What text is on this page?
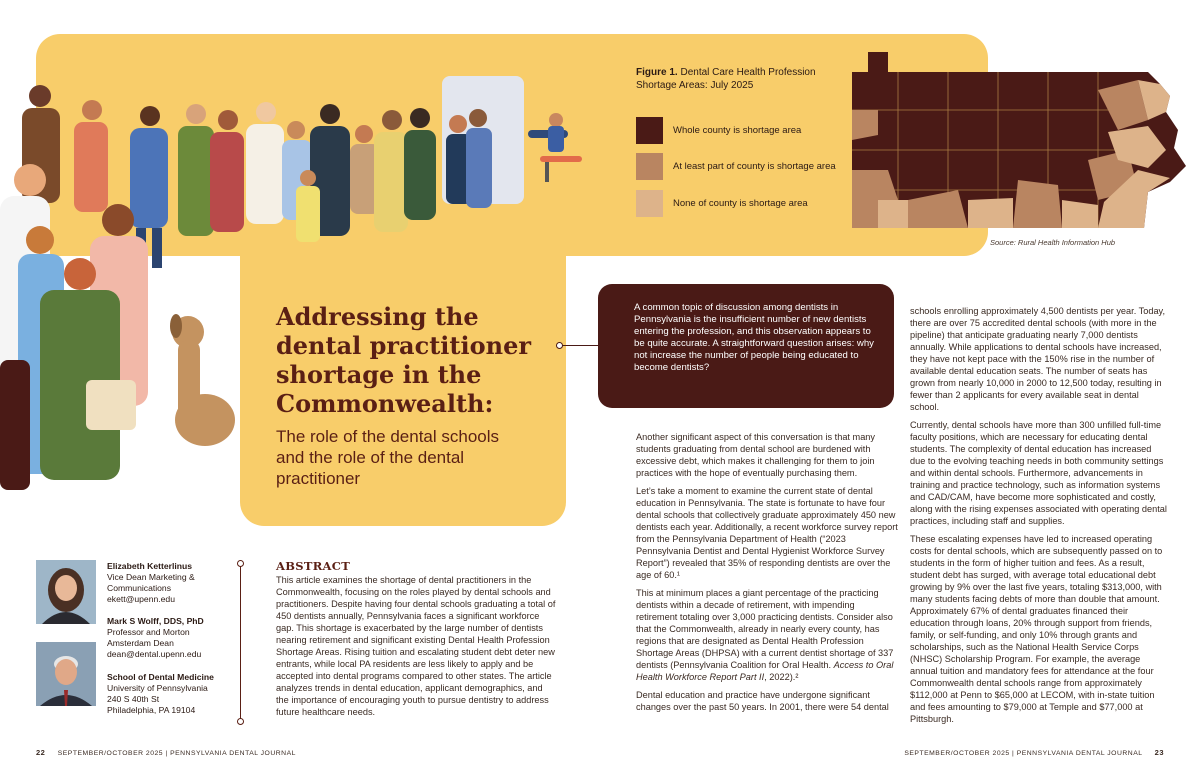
Figure 1. Dental Care Health Profession Shortage Areas: July 2025
Whole county is shortage area
At least part of county is shortage area
None of county is shortage area
Source: Rural Health Information Hub
Addressing the dental practitioner shortage in the Commonwealth:
The role of the dental schools and the role of the dental practitioner
A common topic of discussion among dentists in Pennsylvania is the insufficient number of new dentists entering the profession, and this observation appears to be quite accurate. A straightforward question arises: why not increase the number of people being educated to become dentists?

Another significant aspect of this conversation is that many students graduating from dental school are burdened with excessive debt, which makes it challenging for them to join practices with the hope of eventually purchasing them.

Let’s take a moment to examine the current state of dental education in Pennsylvania. The state is fortunate to have four dental schools that collectively graduate approximately 450 new dentists each year. Additionally, a recent workforce survey report from the Pennsylvania Department of Health (“2023 Pennsylvania Dentist and Dental Hygienist Workforce Survey Report”) revealed that 35% of responding dentists are over the age of 60.¹

This at minimum places a giant percentage of the practicing dentists within a decade of retirement, with impending retirement totaling over 3,000 practicing dentists. Consider also that the Commonwealth, already in nearly every county, has regions that are designated as Dental Health Profession Shortage Areas (DHPSA) with a current dentist shortage of 337 dentists (Pennsylvania Coalition for Oral Health. Access to Oral Health Workforce Report Part II, 2022).²

Dental education and practice have undergone significant changes over the past 50 years. In 2001, there were 54 dental

schools enrolling approximately 4,500 dentists per year. Today, there are over 75 accredited dental schools (with more in the pipeline) that anticipate graduating nearly 7,000 dentists annually. While applications to dental schools have increased, they have not kept pace with the 150% rise in the number of available dental education seats. The number of seats has grown from nearly 10,000 in 2000 to 12,500 today, resulting in fewer than 2 applicants for every available seat in dental school.

Currently, dental schools have more than 300 unfilled full-time faculty positions, which are necessary for educating dental students. The complexity of dental education has increased due to the evolving teaching needs in both community settings and within dental schools. Furthermore, advancements in training and practice technology, such as information systems and CAD/CAM, have become more sophisticated and costly, along with the rising expenses associated with operating dental practices, including staff and supplies.

These escalating expenses have led to increased operating costs for dental schools, which are subsequently passed on to students in the form of higher tuition and fees. As a result, student debt has surged, with average total educational debt growing by 9% over the last five years, totaling $313,000, with many students facing debts of more than double that amount. Approximately 67% of dental graduates financed their education through loans, 20% through support from friends, family, or self-funding, and only 10% through grants and scholarships, such as the National Health Service Corps (NHSC) Scholarship Program. For example, the average annual tuition and mandatory fees for attendance at the four Commonwealth dental schools range from approximately $112,000 at Penn to $65,000 at LECOM, with in-state tuition and fees amounting to $79,000 at Temple and $77,000 at Pittsburgh.

Elizabeth Ketterlinus
Vice Dean Marketing & Communications
ekett@upenn.edu
Mark S Wolff, DDS, PhD
Professor and Morton Amsterdam Dean
dean@dental.upenn.edu
School of Dental Medicine
University of Pennsylvania
240 S 40th St
Philadelphia, PA 19104
ABSTRACT
This article examines the shortage of dental practitioners in the Commonwealth, focusing on the roles played by dental schools and practitioners. Despite having four dental schools graduating a total of 450 dentists annually, Pennsylvania faces a significant workforce gap. This shortage is exacerbated by the large number of dentists nearing retirement and significant existing Dental Health Profession Shortage Areas. Rising tuition and escalating student debt deter new entrants, while local PA residents are less likely to apply and be accepted into dental programs compared to other states. The article analyzes trends in dental education, applicant demographics, and the importance of encouraging youth to pursue dentistry to address future healthcare needs.
22 SEPTEMBER/OCTOBER 2025 | PENNSYLVANIA DENTAL JOURNAL	SEPTEMBER/OCTOBER 2025 | PENNSYLVANIA DENTAL JOURNAL 23
